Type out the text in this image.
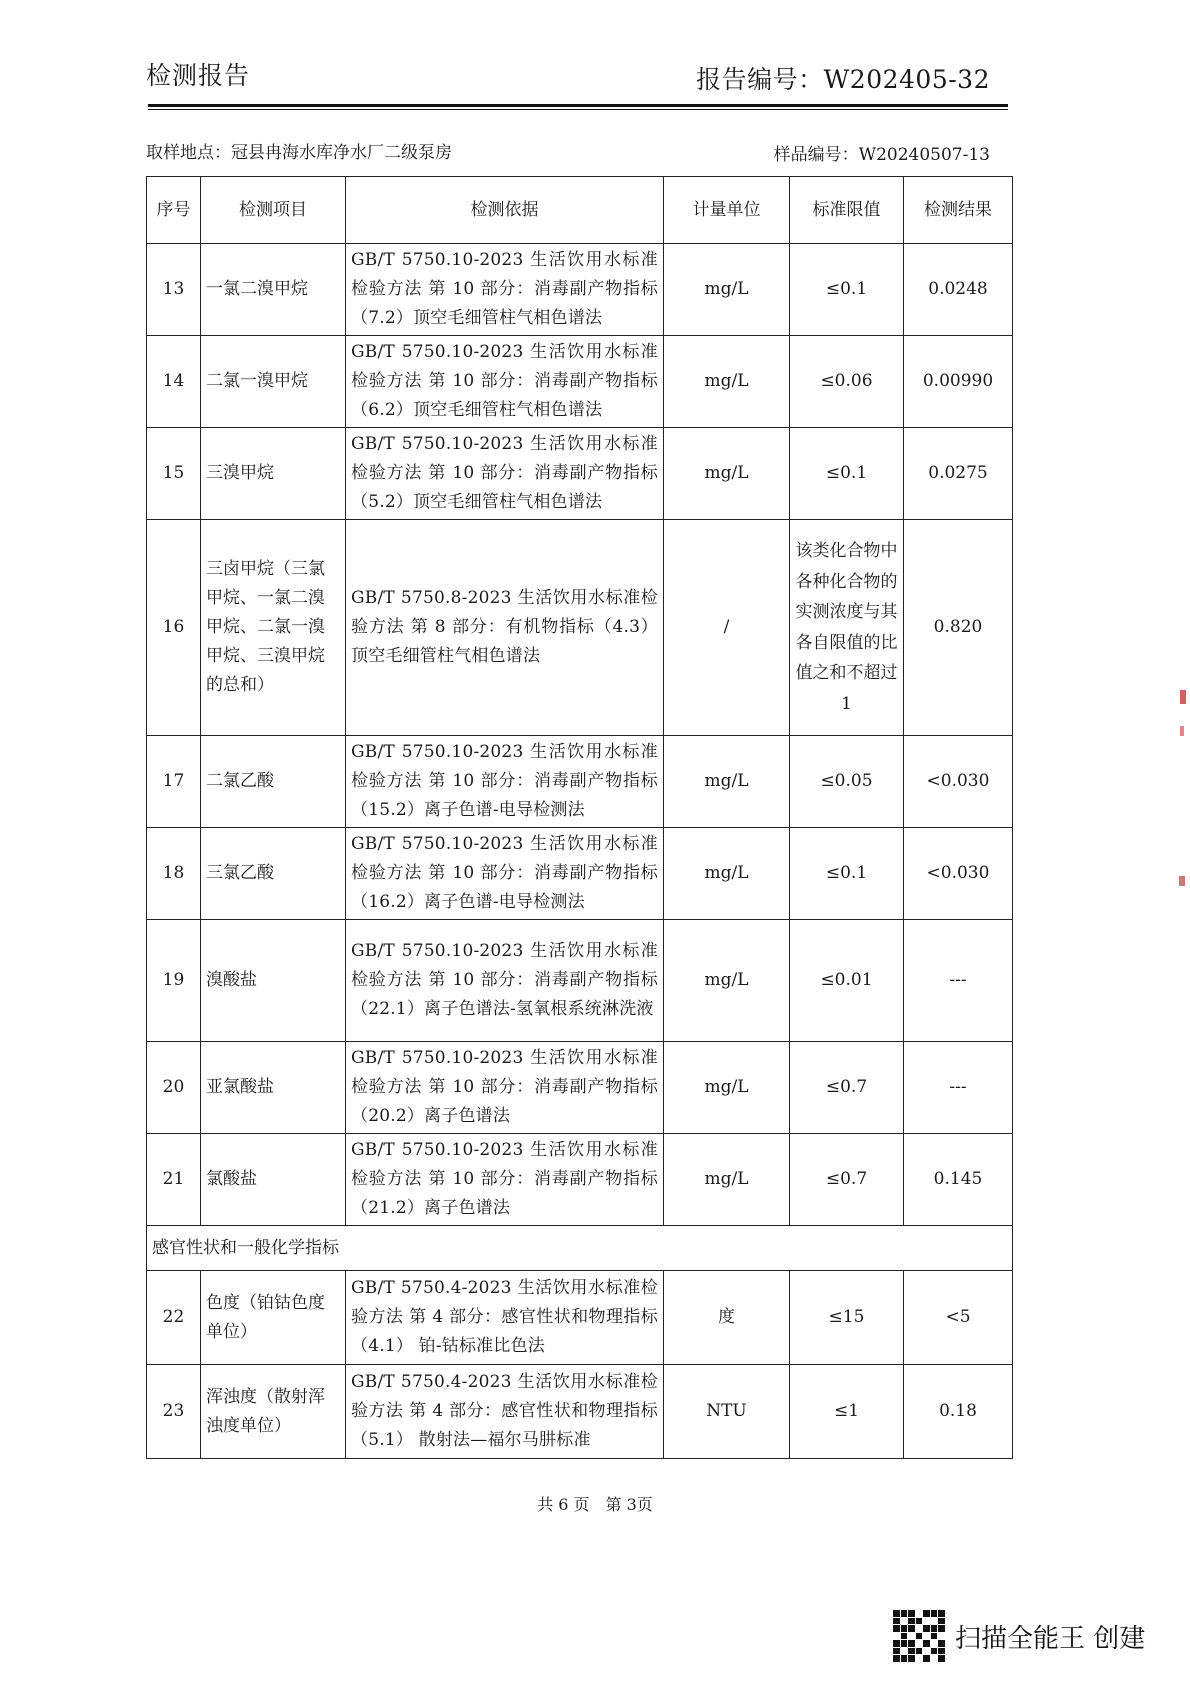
检测报告	报告编号：W202405-32
取样地点：冠县冉海水库净水厂二级泵房	样品编号：W20240507-13
序号	检测项目	检测依据	计量单位	标准限值	检测结果
13	一氯二溴甲烷	GB/T 5750.10-2023 生活饮用水标准检验方法 第 10 部分：消毒副产物指标（7.2）顶空毛细管柱气相色谱法	mg/L	≤0.1	0.0248
14	二氯一溴甲烷	GB/T 5750.10-2023 生活饮用水标准检验方法 第 10 部分：消毒副产物指标（6.2）顶空毛细管柱气相色谱法	mg/L	≤0.06	0.00990
15	三溴甲烷	GB/T 5750.10-2023 生活饮用水标准检验方法 第 10 部分：消毒副产物指标（5.2）顶空毛细管柱气相色谱法	mg/L	≤0.1	0.0275
16	三卤甲烷（三氯甲烷、一氯二溴甲烷、二氯一溴甲烷、三溴甲烷的总和）	GB/T 5750.8-2023 生活饮用水标准检验方法 第 8 部分：有机物指标（4.3）顶空毛细管柱气相色谱法	/	该类化合物中各种化合物的实测浓度与其各自限值的比值之和不超过1	0.820
17	二氯乙酸	GB/T 5750.10-2023 生活饮用水标准检验方法 第 10 部分：消毒副产物指标（15.2）离子色谱-电导检测法	mg/L	≤0.05	<0.030
18	三氯乙酸	GB/T 5750.10-2023 生活饮用水标准检验方法 第 10 部分：消毒副产物指标（16.2）离子色谱-电导检测法	mg/L	≤0.1	<0.030
19	溴酸盐	GB/T 5750.10-2023 生活饮用水标准检验方法 第 10 部分：消毒副产物指标（22.1）离子色谱法-氢氧根系统淋洗液	mg/L	≤0.01	---
20	亚氯酸盐	GB/T 5750.10-2023 生活饮用水标准检验方法 第 10 部分：消毒副产物指标（20.2）离子色谱法	mg/L	≤0.7	---
21	氯酸盐	GB/T 5750.10-2023 生活饮用水标准检验方法 第 10 部分：消毒副产物指标（21.2）离子色谱法	mg/L	≤0.7	0.145
感官性状和一般化学指标					
22	色度（铂钴色度单位）	GB/T 5750.4-2023 生活饮用水标准检验方法 第 4 部分：感官性状和物理指标（4.1） 铂-钴标准比色法	度	≤15	<5
23	浑浊度（散射浑浊度单位）	GB/T 5750.4-2023 生活饮用水标准检验方法 第 4 部分：感官性状和物理指标（5.1） 散射法—福尔马肼标准	NTU	≤1	0.18
共 6 页　第 3页
扫描全能王 创建
